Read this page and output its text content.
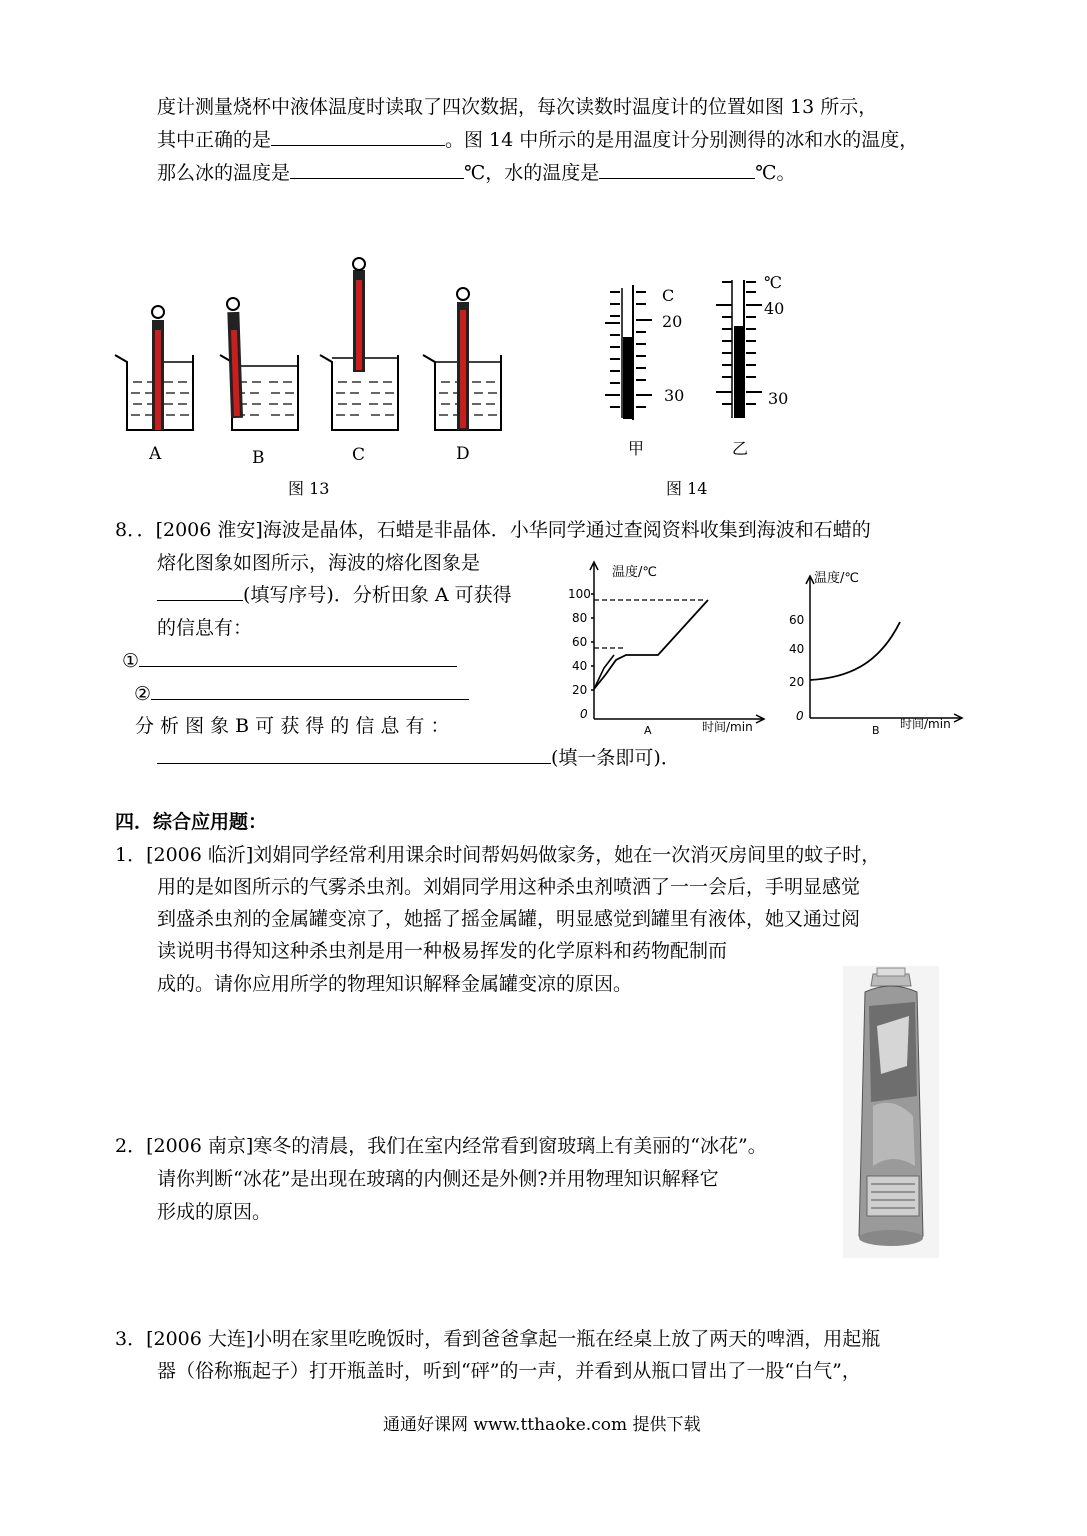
度计测量烧杯中液体温度时读取了四次数据，每次读数时温度计的位置如图 13 所示，
其中正确的是	。图 14 中所示的是用温度计分别测得的冰和水的温度，
那么冰的温度是	℃，水的温度是	℃。
A	B	C	D
图 13
C
20
30
甲
℃
40
30
乙
图 14
8．．[2006 淮安]海波是晶体，石蜡是非晶体．小华同学通过查阅资料收集到海波和石蜡的
熔化图象如图所示，海波的熔化图象是
(填写序号)．分析田象 A 可获得
的信息有：
①
②
分 析 图 象 B 可 获 得 的 信 息 有 ：
(填一条即可)．
温度/℃
100
80
60
40
20
0
A	时间/min
温度/℃
60
40
20
0
B 时间/min
四．综合应用题：
1．[2006 临沂]刘娟同学经常利用课余时间帮妈妈做家务，她在一次消灭房间里的蚊子时，
用的是如图所示的气雾杀虫剂。刘娟同学用这种杀虫剂喷洒了一一会后，手明显感觉
到盛杀虫剂的金属罐变凉了，她摇了摇金属罐，明显感觉到罐里有液体，她又通过阅
读说明书得知这种杀虫剂是用一种极易挥发的化学原料和药物配制而
成的。请你应用所学的物理知识解释金属罐变凉的原因。
2．[2006 南京]寒冬的清晨，我们在室内经常看到窗玻璃上有美丽的“冰花”。
请你判断“冰花”是出现在玻璃的内侧还是外侧?并用物理知识解释它
形成的原因。
3．[2006 大连]小明在家里吃晚饭时，看到爸爸拿起一瓶在经桌上放了两天的啤酒，用起瓶
器（俗称瓶起子）打开瓶盖时，听到“砰”的一声，并看到从瓶口冒出了一股“白气”，
通通好课网 www.tthaoke.com 提供下载
